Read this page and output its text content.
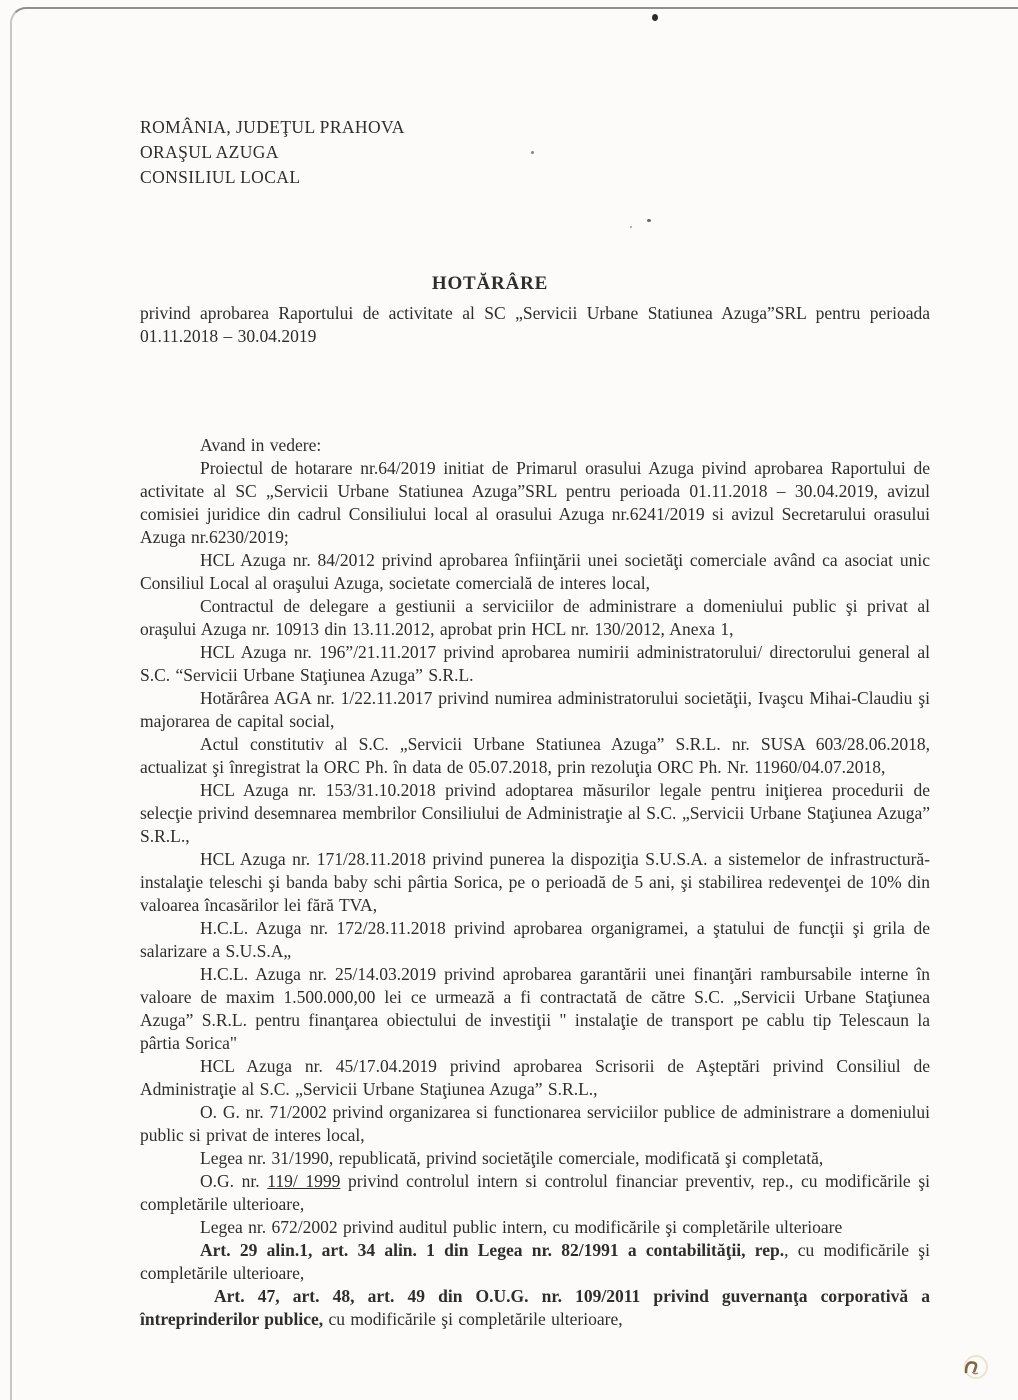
ROMÂNIA, JUDEŢUL PRAHOVA
ORAŞUL AZUGA
CONSILIUL LOCAL
HOTĂRÂRE

privind aprobarea Raportului de activitate al SC „Servicii Urbane Statiunea Azuga”SRL pentru perioada 01.11.2018 – 30.04.2019

Avand in vedere:

Proiectul de hotarare nr.64/2019 initiat de Primarul orasului Azuga pivind aprobarea Raportului de activitate al SC „Servicii Urbane Statiunea Azuga”SRL pentru perioada 01.11.2018 – 30.04.2019, avizul comisiei juridice din cadrul Consiliului local al orasului Azuga nr.6241/2019 si avizul Secretarului orasului Azuga nr.6230/2019;

HCL Azuga nr. 84/2012 privind aprobarea înfiinţării unei societăţi comerciale având ca asociat unic Consiliul Local al oraşului Azuga, societate comercială de interes local,

Contractul de delegare a gestiunii a serviciilor de administrare a domeniului public şi privat al oraşului Azuga nr. 10913 din 13.11.2012, aprobat prin HCL nr. 130/2012, Anexa 1,

HCL Azuga nr. 196”/21.11.2017 privind aprobarea numirii administratorului/ directorului general al S.C. “Servicii Urbane Staţiunea Azuga” S.R.L.

Hotărârea AGA nr. 1/22.11.2017 privind numirea administratorului societăţii, Ivaşcu Mihai-Claudiu şi majorarea de capital social,

Actul constitutiv al S.C. „Servicii Urbane Statiunea Azuga” S.R.L. nr. SUSA 603/28.06.2018, actualizat şi înregistrat la ORC Ph. în data de 05.07.2018, prin rezoluţia ORC Ph. Nr. 11960/04.07.2018,

HCL Azuga nr. 153/31.10.2018 privind adoptarea măsurilor legale pentru iniţierea procedurii de selecţie privind desemnarea membrilor Consiliului de Administraţie al S.C. „Servicii Urbane Staţiunea Azuga” S.R.L.,

HCL Azuga nr. 171/28.11.2018 privind punerea la dispoziţia S.U.S.A. a sistemelor de infrastructură-instalaţie teleschi şi banda baby schi pârtia Sorica, pe o perioadă de 5 ani, şi stabilirea redevenţei de 10% din valoarea încasărilor lei fără TVA,

H.C.L. Azuga nr. 172/28.11.2018 privind aprobarea organigramei, a ştatului de funcţii şi grila de salarizare a S.U.S.A„

H.C.L. Azuga nr. 25/14.03.2019 privind aprobarea garantării unei finanţări rambursabile interne în valoare de maxim 1.500.000,00 lei ce urmează a fi contractată de către S.C. „Servicii Urbane Staţiunea Azuga” S.R.L. pentru finanţarea obiectului de investiţii " instalaţie de transport pe cablu tip Telescaun la pârtia Sorica"

HCL Azuga nr. 45/17.04.2019 privind aprobarea Scrisorii de Aşteptări privind Consiliul de Administraţie al S.C. „Servicii Urbane Staţiunea Azuga” S.R.L.,

O. G. nr. 71/2002 privind organizarea si functionarea serviciilor publice de administrare a domeniului public si privat de interes local,

Legea nr. 31/1990, republicată, privind societăţile comerciale, modificată şi completată,

O.G. nr. 119/ 1999 privind controlul intern si controlul financiar preventiv, rep., cu modificările şi completările ulterioare,

Legea nr. 672/2002 privind auditul public intern, cu modificările şi completările ulterioare

Art. 29 alin.1, art. 34 alin. 1 din Legea nr. 82/1991 a contabilităţii, rep., cu modificările şi completările ulterioare,

Art. 47, art. 48, art. 49 din O.U.G. nr. 109/2011 privind guvernanţa corporativă a întreprinderilor publice, cu modificările şi completările ulterioare,
